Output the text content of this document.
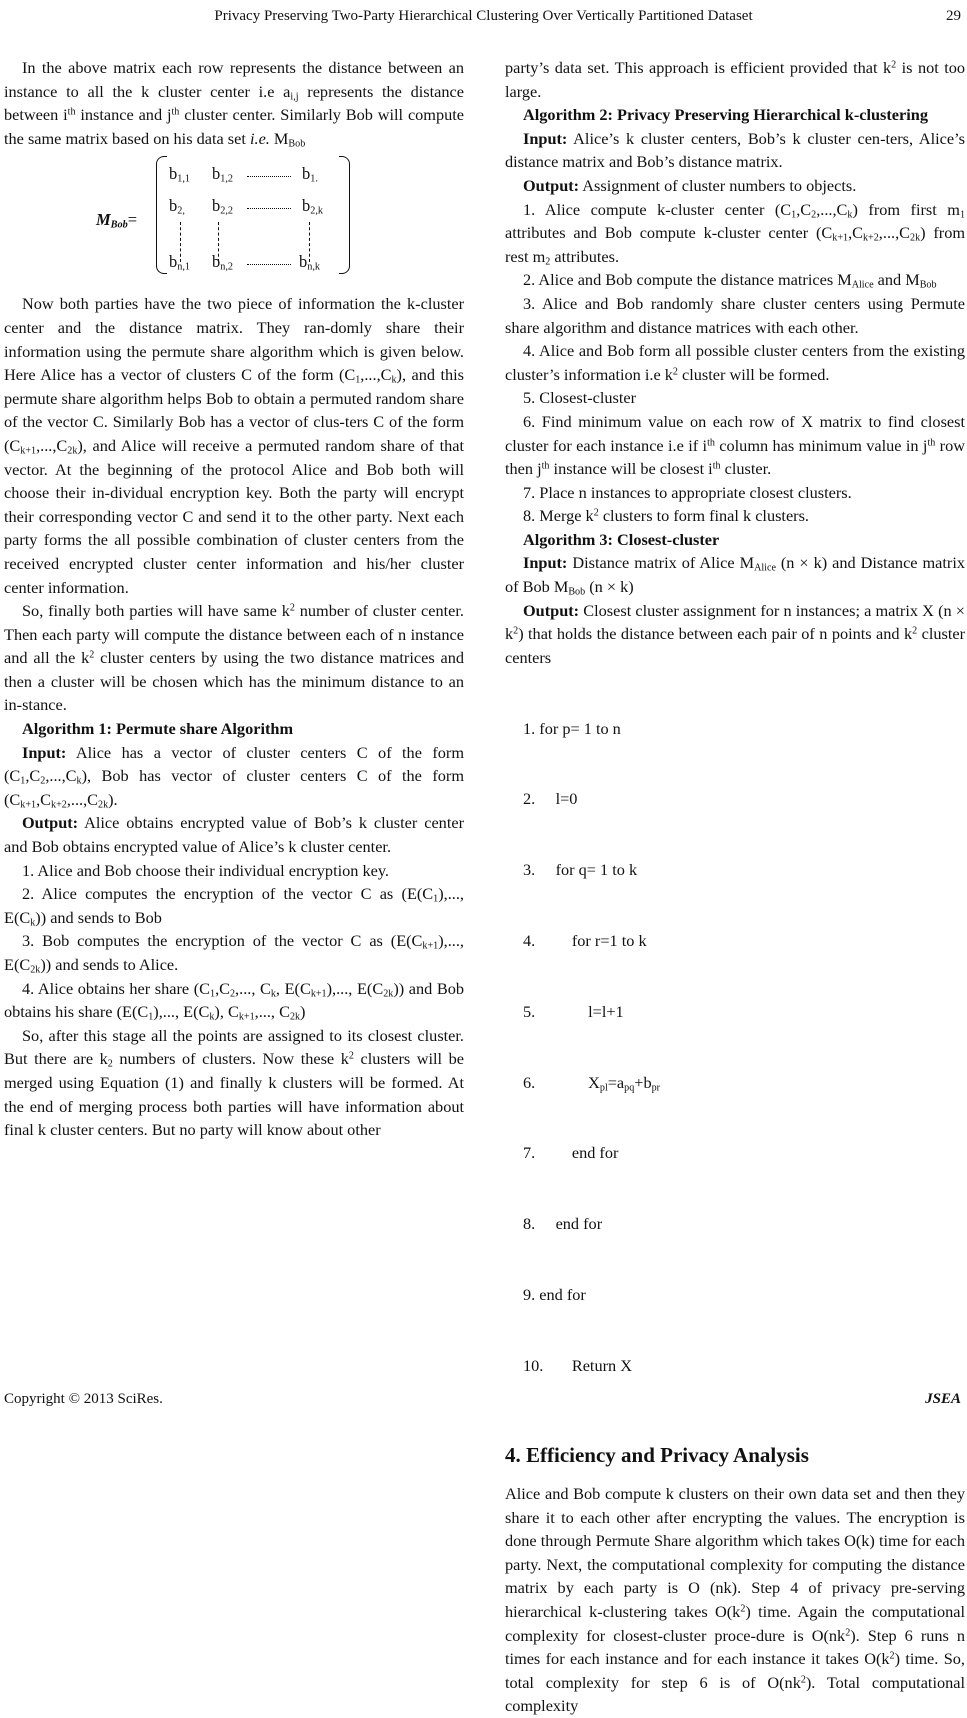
Privacy Preserving Two-Party Hierarchical Clustering Over Vertically Partitioned Dataset	29

In the above matrix each row represents the distance between an instance to all the k cluster center i.e $a_{i,j}$ represents the distance between $i^{th}$ instance and $j^{th}$ cluster center. Similarly Bob will compute the same matrix based on his data set i.e. $M_{Bob}$

$M_{Bob}=$
$b_{1,1}$ $b_{1,2}$	$b_{1.}$
$b_{2,}$ $b_{2,2}$	$b_{2,k}$
$b_{n,1}$ $b_{n,2}$	$b_{n,k}$

Now both parties have the two piece of information the k-cluster center and the distance matrix. They ran-domly share their information using the permute share algorithm which is given below. Here Alice has a vector of clusters C of the form $(C_1,...,C_k)$, and this permute share algorithm helps Bob to obtain a permuted random share of the vector C. Similarly Bob has a vector of clus-ters C of the form $(C_{k+1},...,C_{2k})$, and Alice will receive a permuted random share of that vector. At the beginning of the protocol Alice and Bob both will choose their in-dividual encryption key. Both the party will encrypt their corresponding vector C and send it to the other party. Next each party forms the all possible combination of cluster centers from the received encrypted cluster center information and his/her cluster center information.

So, finally both parties will have same $k^2$ number of cluster center. Then each party will compute the distance between each of n instance and all the $k^2$ cluster centers by using the two distance matrices and then a cluster will be chosen which has the minimum distance to an in-stance.

Algorithm 1: Permute share Algorithm

Input: Alice has a vector of cluster centers C of the form $(C_1,C_2,...,C_k)$, Bob has vector of cluster centers C of the form $(C_{k+1},C_{k+2},...,C_{2k})$.

Output: Alice obtains encrypted value of Bob’s k cluster center and Bob obtains encrypted value of Alice’s k cluster center.

1. Alice and Bob choose their individual encryption key.

2. Alice computes the encryption of the vector C as ($E(C_1)$,..., $E(C_k)$) and sends to Bob

3. Bob computes the encryption of the vector C as ($E(C_{k+1})$,..., $E(C_{2k})$) and sends to Alice.

4. Alice obtains her share ($C_1,C_2$,..., $C_k$, $E(C_{k+1})$,..., $E(C_{2k})$) and Bob obtains his share ($E(C_1)$,..., $E(C_k)$, $C_{k+1}$,..., $C_{2k}$)

So, after this stage all the points are assigned to its closest cluster. But there are $k_2$ numbers of clusters. Now these $k^2$ clusters will be merged using Equation (1) and finally k clusters will be formed. At the end of merging process both parties will have information about final k cluster centers. But no party will know about other

party’s data set. This approach is efficient provided that $k^2$ is not too large.

Algorithm 2: Privacy Preserving Hierarchical k-clustering

Input: Alice’s k cluster centers, Bob’s k cluster cen-ters, Alice’s distance matrix and Bob’s distance matrix.

Output: Assignment of cluster numbers to objects.

1. Alice compute k-cluster center $(C_1,C_2,...,C_k)$ from first $m_1$ attributes and Bob compute k-cluster center $(C_{k+1},C_{k+2},...,C_{2k})$ from rest $m_2$ attributes.

2. Alice and Bob compute the distance matrices $M_{Alice}$ and $M_{Bob}$

3. Alice and Bob randomly share cluster centers using Permute share algorithm and distance matrices with each other.

4. Alice and Bob form all possible cluster centers from the existing cluster’s information i.e $k^2$ cluster will be formed.

5. Closest-cluster

6. Find minimum value on each row of X matrix to find closest cluster for each instance i.e if $i^{th}$ column has minimum value in $j^{th}$ row then $j^{th}$ instance will be closest $i^{th}$ cluster.

7. Place n instances to appropriate closest clusters.

8. Merge $k^2$ clusters to form final k clusters.

Algorithm 3: Closest-cluster

Input: Distance matrix of Alice $M_{Alice}$ (n × k) and Distance matrix of Bob $M_{Bob}$ (n × k)

Output: Closest cluster assignment for n instances; a matrix X $(n \times k^2)$ that holds the distance between each pair of n points and $k^2$ cluster centers

1. for p= 1 to n

2.     l=0

3.     for q= 1 to k

4.         for r=1 to k

5.             l=l+1

6.             $X_{pl}=a_{pq}+b_{pr}$

7.         end for

8.     end for

9. end for

10.       Return X

4. Efficiency and Privacy Analysis

Alice and Bob compute k clusters on their own data set and then they share it to each other after encrypting the values. The encryption is done through Permute Share algorithm which takes O(k) time for each party. Next, the computational complexity for computing the distance matrix by each party is O (nk). Step 4 of privacy pre-serving hierarchical k-clustering takes $O(k^2)$ time. Again the computational complexity for closest-cluster proce-dure is $O(nk^2)$. Step 6 runs n times for each instance and for each instance it takes $O(k^2)$ time. So, total complexity for step 6 is of $O(nk^2)$. Total computational complexity

Copyright © 2013 SciRes.	JSEA
